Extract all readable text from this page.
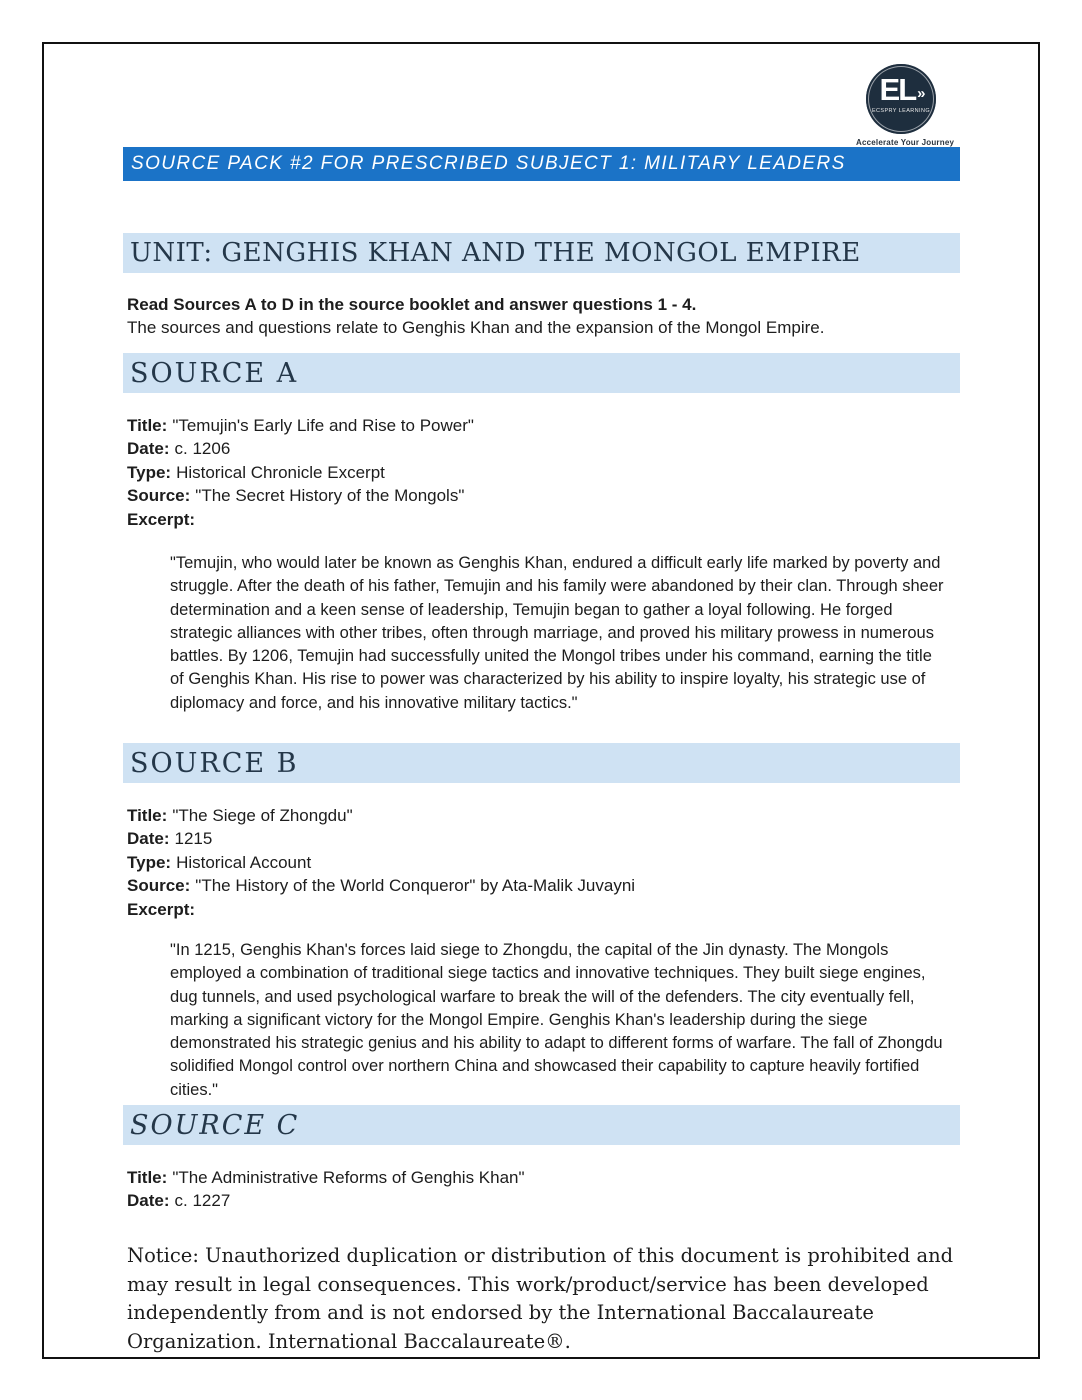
EL »
ECSPRY LEARNING
Accelerate Your Journey
SOURCE PACK #2 FOR PRESCRIBED SUBJECT 1: MILITARY LEADERS
UNIT: GENGHIS KHAN AND THE MONGOL EMPIRE

Read Sources A to D in the source booklet and answer questions 1 - 4.

The sources and questions relate to Genghis Khan and the expansion of the Mongol Empire.

SOURCE A
Title: "Temujin's Early Life and Rise to Power"
Date: c. 1206
Type: Historical Chronicle Excerpt
Source: "The Secret History of the Mongols"
Excerpt:

"Temujin, who would later be known as Genghis Khan, endured a difficult early life marked by poverty and struggle. After the death of his father, Temujin and his family were abandoned by their clan. Through sheer determination and a keen sense of leadership, Temujin began to gather a loyal following. He forged strategic alliances with other tribes, often through marriage, and proved his military prowess in numerous battles. By 1206, Temujin had successfully united the Mongol tribes under his command, earning the title of Genghis Khan. His rise to power was characterized by his ability to inspire loyalty, his strategic use of diplomacy and force, and his innovative military tactics."

SOURCE B
Title: "The Siege of Zhongdu"
Date: 1215
Type: Historical Account
Source: "The History of the World Conqueror" by Ata-Malik Juvayni
Excerpt:

"In 1215, Genghis Khan's forces laid siege to Zhongdu, the capital of the Jin dynasty. The Mongols employed a combination of traditional siege tactics and innovative techniques. They built siege engines, dug tunnels, and used psychological warfare to break the will of the defenders. The city eventually fell, marking a significant victory for the Mongol Empire. Genghis Khan's leadership during the siege demonstrated his strategic genius and his ability to adapt to different forms of warfare. The fall of Zhongdu solidified Mongol control over northern China and showcased their capability to capture heavily fortified cities."

SOURCE C
Title: "The Administrative Reforms of Genghis Khan"
Date: c. 1227

Notice: Unauthorized duplication or distribution of this document is prohibited and may result in legal consequences. This work/product/service has been developed independently from and is not endorsed by the International Baccalaureate Organization. International Baccalaureate®.
